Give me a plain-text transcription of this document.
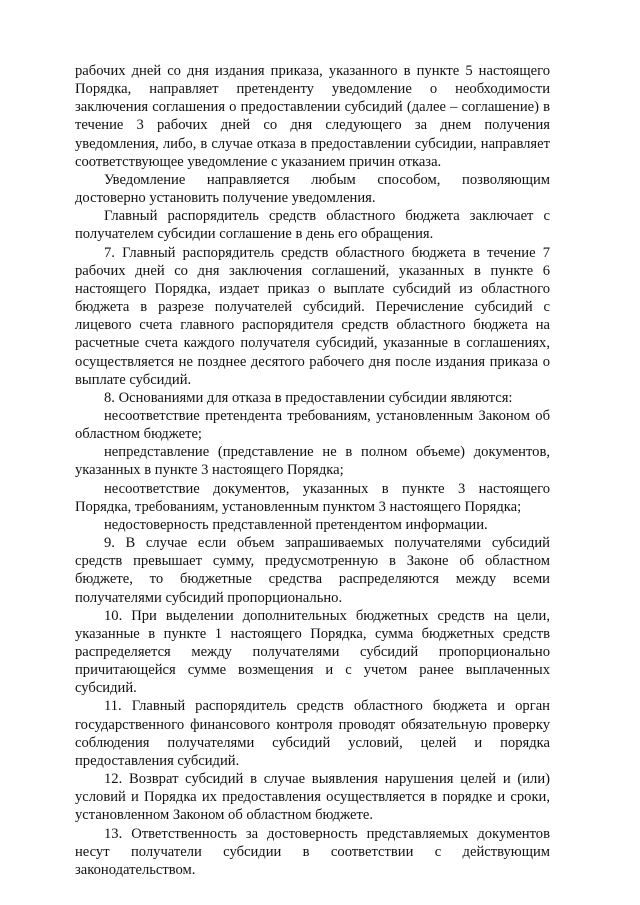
рабочих дней со дня издания приказа, указанного в пункте 5 настоящего Порядка, направляет претенденту уведомление о необходимости заключения соглашения о предоставлении субсидий (далее – соглашение) в течение 3 рабочих дней со дня следующего за днем получения уведомления, либо, в случае отказа в предоставлении субсидии, направляет соответствующее уведомление с указанием причин отказа.

Уведомление направляется любым способом, позволяющим достоверно установить получение уведомления.

Главный распорядитель средств областного бюджета заключает с получателем субсидии соглашение в день его обращения.

7. Главный распорядитель средств областного бюджета в течение 7 рабочих дней со дня заключения соглашений, указанных в пункте 6 настоящего Порядка, издает приказ о выплате субсидий из областного бюджета в разрезе получателей субсидий. Перечисление субсидий с лицевого счета главного распорядителя средств областного бюджета на расчетные счета каждого получателя субсидий, указанные в соглашениях, осуществляется не позднее десятого рабочего дня после издания приказа о выплате субсидий.

8. Основаниями для отказа в предоставлении субсидии являются:

несоответствие претендента требованиям, установленным Законом об областном бюджете;

непредставление (представление не в полном объеме) документов, указанных в пункте 3 настоящего Порядка;

несоответствие документов, указанных в пункте 3 настоящего Порядка, требованиям, установленным пунктом 3 настоящего Порядка;

недостоверность представленной претендентом информации.

9. В случае если объем запрашиваемых получателями субсидий средств превышает сумму, предусмотренную в Законе об областном бюджете, то бюджетные средства распределяются между всеми получателями субсидий пропорционально.

10. При выделении дополнительных бюджетных средств на цели, указанные в пункте 1 настоящего Порядка, сумма бюджетных средств распределяется между получателями субсидий пропорционально причитающейся сумме возмещения и с учетом ранее выплаченных субсидий.

11. Главный распорядитель средств областного бюджета и орган государственного финансового контроля проводят обязательную проверку соблюдения получателями субсидий условий, целей и порядка предоставления субсидий.

12. Возврат субсидий в случае выявления нарушения целей и (или) условий и Порядка их предоставления осуществляется в порядке и сроки, установленном Законом об областном бюджете.

13. Ответственность за достоверность представляемых документов несут получатели субсидии в соответствии с действующим законодательством.
